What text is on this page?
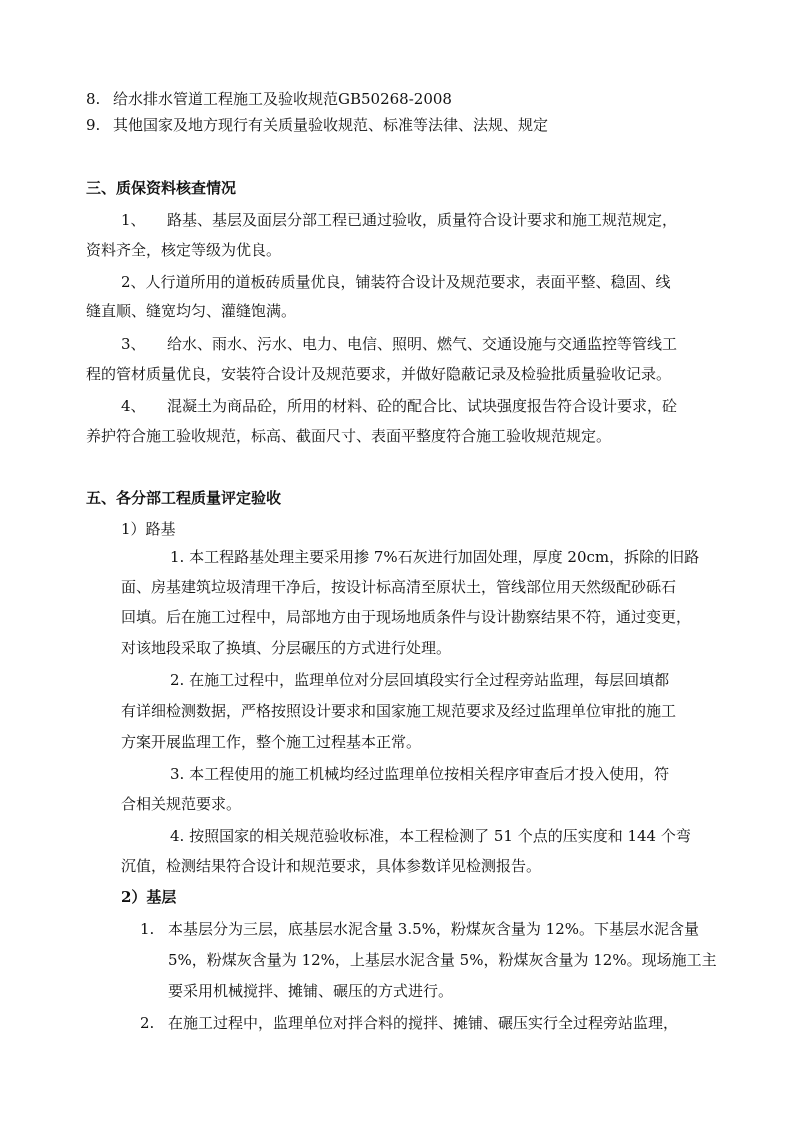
8. 给水排水管道工程施工及验收规范GB50268-2008
9. 其他国家及地方现行有关质量验收规范、标准等法律、法规、规定
三、质保资料核查情况
1、 路基、基层及面层分部工程已通过验收，质量符合设计要求和施工规范规定，
资料齐全，核定等级为优良。
2、人行道所用的道板砖质量优良，铺装符合设计及规范要求，表面平整、稳固、线
缝直顺、缝宽均匀、灌缝饱满。
3、 给水、雨水、污水、电力、电信、照明、燃气、交通设施与交通监控等管线工
程的管材质量优良，安装符合设计及规范要求，并做好隐蔽记录及检验批质量验收记录。
4、 混凝土为商品砼，所用的材料、砼的配合比、试块强度报告符合设计要求，砼
养护符合施工验收规范，标高、截面尺寸、表面平整度符合施工验收规范规定。
五、各分部工程质量评定验收
1）路基
1. 本工程路基处理主要采用掺 7%石灰进行加固处理，厚度 20cm，拆除的旧路
面、房基建筑垃圾清理干净后，按设计标高清至原状土，管线部位用天然级配砂砾石
回填。后在施工过程中，局部地方由于现场地质条件与设计勘察结果不符，通过变更，
对该地段采取了换填、分层碾压的方式进行处理。
2. 在施工过程中，监理单位对分层回填段实行全过程旁站监理，每层回填都
有详细检测数据，严格按照设计要求和国家施工规范要求及经过监理单位审批的施工
方案开展监理工作，整个施工过程基本正常。
3. 本工程使用的施工机械均经过监理单位按相关程序审查后才投入使用，符
合相关规范要求。
4. 按照国家的相关规范验收标准，本工程检测了 51 个点的压实度和 144 个弯
沉值，检测结果符合设计和规范要求，具体参数详见检测报告。
2）基层
1. 本基层分为三层，底基层水泥含量 3.5%，粉煤灰含量为 12%。下基层水泥含量
5%，粉煤灰含量为 12%，上基层水泥含量 5%，粉煤灰含量为 12%。现场施工主
要采用机械搅拌、摊铺、碾压的方式进行。
2. 在施工过程中，监理单位对拌合料的搅拌、摊铺、碾压实行全过程旁站监理，
